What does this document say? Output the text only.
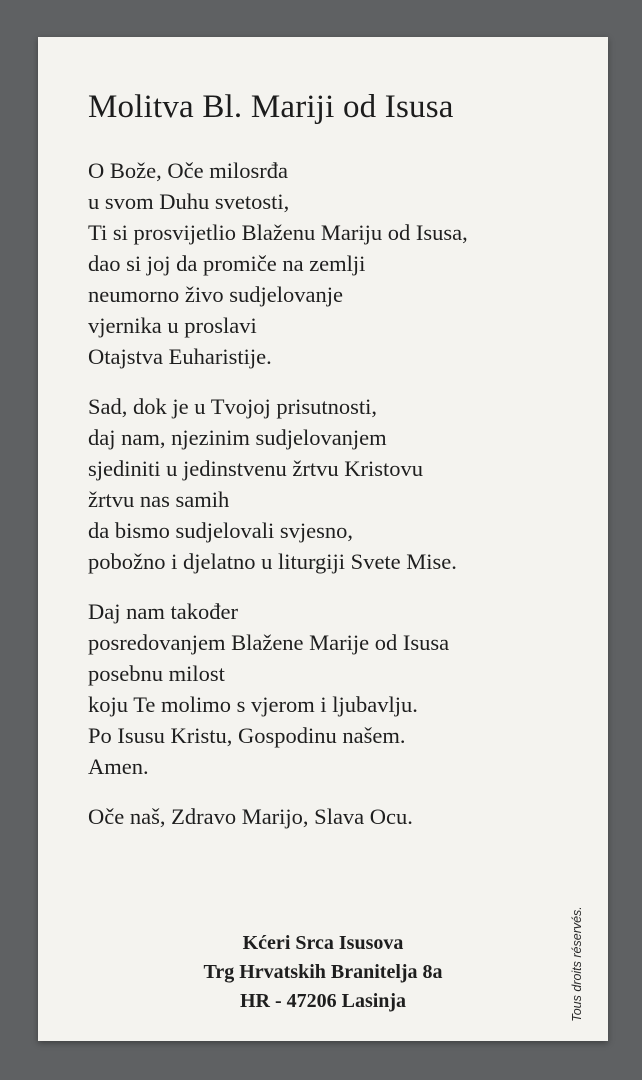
Molitva Bl. Mariji od Isusa
O Bože, Oče milosrđa
u svom Duhu svetosti,
Ti si prosvijetlio Blaženu Mariju od Isusa,
dao si joj da promiče na zemlji
neumorno živo sudjelovanje
vjernika u proslavi
Otajstva Euharistije.
Sad, dok je u Tvojoj prisutnosti,
daj nam, njezinim sudjelovanjem
sjediniti u jedinstvenu žrtvu Kristovu
žrtvu nas samih
da bismo sudjelovali svjesno,
pobožno i djelatno u liturgiji Svete Mise.
Daj nam također
posredovanjem Blažene Marije od Isusa
posebnu milost
koju Te molimo s vjerom i ljubavlju.
Po Isusu Kristu, Gospodinu našem.
Amen.
Oče naš, Zdravo Marijo, Slava Ocu.
Kćeri Srca Isusova
Trg Hrvatskih Branitelja 8a
HR - 47206 Lasinja	Tous droits réservés.
